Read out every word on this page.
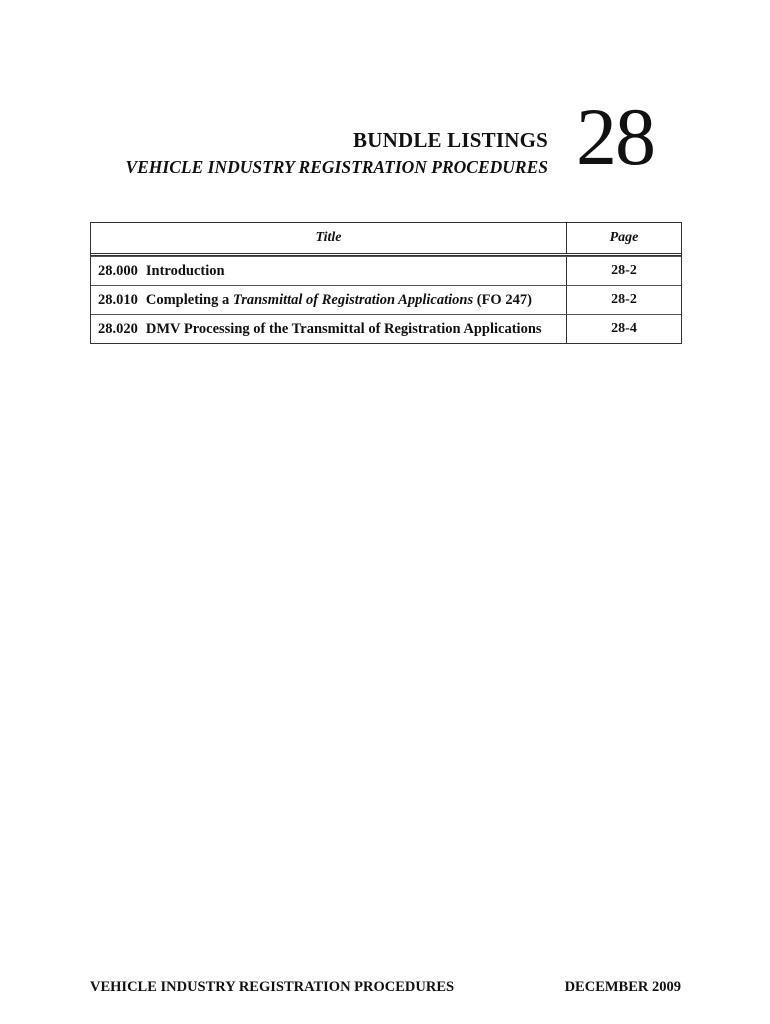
BUNDLE LISTINGS
VEHICLE INDUSTRY REGISTRATION PROCEDURES 28
Title	Page
28.000 Introduction	28-2
28.010 Completing a Transmittal of Registration Applications (FO 247)	28-2
28.020 DMV Processing of the Transmittal of Registration Applications	28-4
VEHICLE INDUSTRY REGISTRATION PROCEDURES	DECEMBER 2009
